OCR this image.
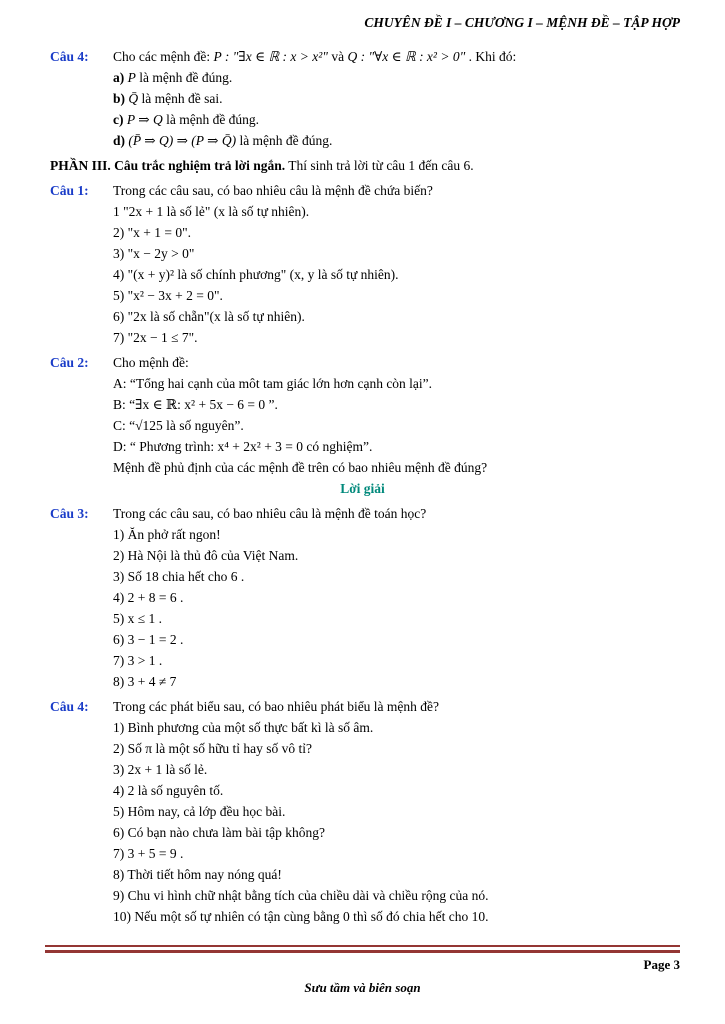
CHUYÊN ĐỀ I – CHƯƠNG I – MỆNH ĐỀ – TẬP HỢP
Câu 4: Cho các mệnh đề: P : "∃x ∈ ℝ : x > x²" và Q : "∀x ∈ ℝ : x² > 0" . Khi đó:
a) P là mệnh đề đúng.
b) Q̄ là mệnh đề sai.
c) P ⇒ Q là mệnh đề đúng.
d) (P̄ ⇒ Q) ⇒ (P ⇒ Q̄) là mệnh đề đúng.
PHẦN III. Câu trắc nghiệm trả lời ngắn. Thí sinh trả lời từ câu 1 đến câu 6.
Câu 1: Trong các câu sau, có bao nhiêu câu là mệnh đề chứa biến?
1 "2x + 1 là số lẻ" (x là số tự nhiên).
2) "x + 1 = 0".
3) "x − 2y > 0"
4) "(x + y)² là số chính phương" (x, y là số tự nhiên).
5) "x² − 3x + 2 = 0".
6) "2x là số chẵn"(x là số tự nhiên).
7) "2x − 1 ≤ 7".
Câu 2: Cho mệnh đề:
A: “Tổng hai cạnh của môt tam giác lớn hơn cạnh còn lại”.
B: “∃x ∈ ℝ: x² + 5x − 6 = 0 ”.
C: “√125 là số nguyên”.
D: “ Phương trình: x⁴ + 2x² + 3 = 0 có nghiệm”.
Mệnh đề phủ định của các mệnh đề trên có bao nhiêu mệnh đề đúng?
Lời giải
Câu 3: Trong các câu sau, có bao nhiêu câu là mệnh đề toán học?
1) Ăn phở rất ngon!
2) Hà Nội là thủ đô của Việt Nam.
3) Số 18 chia hết cho 6 .
4) 2 + 8 = 6 .
5) x ≤ 1 .
6) 3 − 1 = 2 .
7) 3 > 1 .
8) 3 + 4 ≠ 7
Câu 4: Trong các phát biểu sau, có bao nhiêu phát biểu là mệnh đề?
1) Bình phương của một số thực bất kì là số âm.
2) Số π là một số hữu tỉ hay số vô tỉ?
3) 2x + 1 là số lẻ.
4) 2 là số nguyên tố.
5) Hôm nay, cả lớp đều học bài.
6) Có bạn nào chưa làm bài tập không?
7) 3 + 5 = 9 .
8) Thời tiết hôm nay nóng quá!
9) Chu vi hình chữ nhật bằng tích của chiều dài và chiều rộng của nó.
10) Nếu một số tự nhiên có tận cùng bằng 0 thì số đó chia hết cho 10.
Page 3
Sưu tầm và biên soạn
